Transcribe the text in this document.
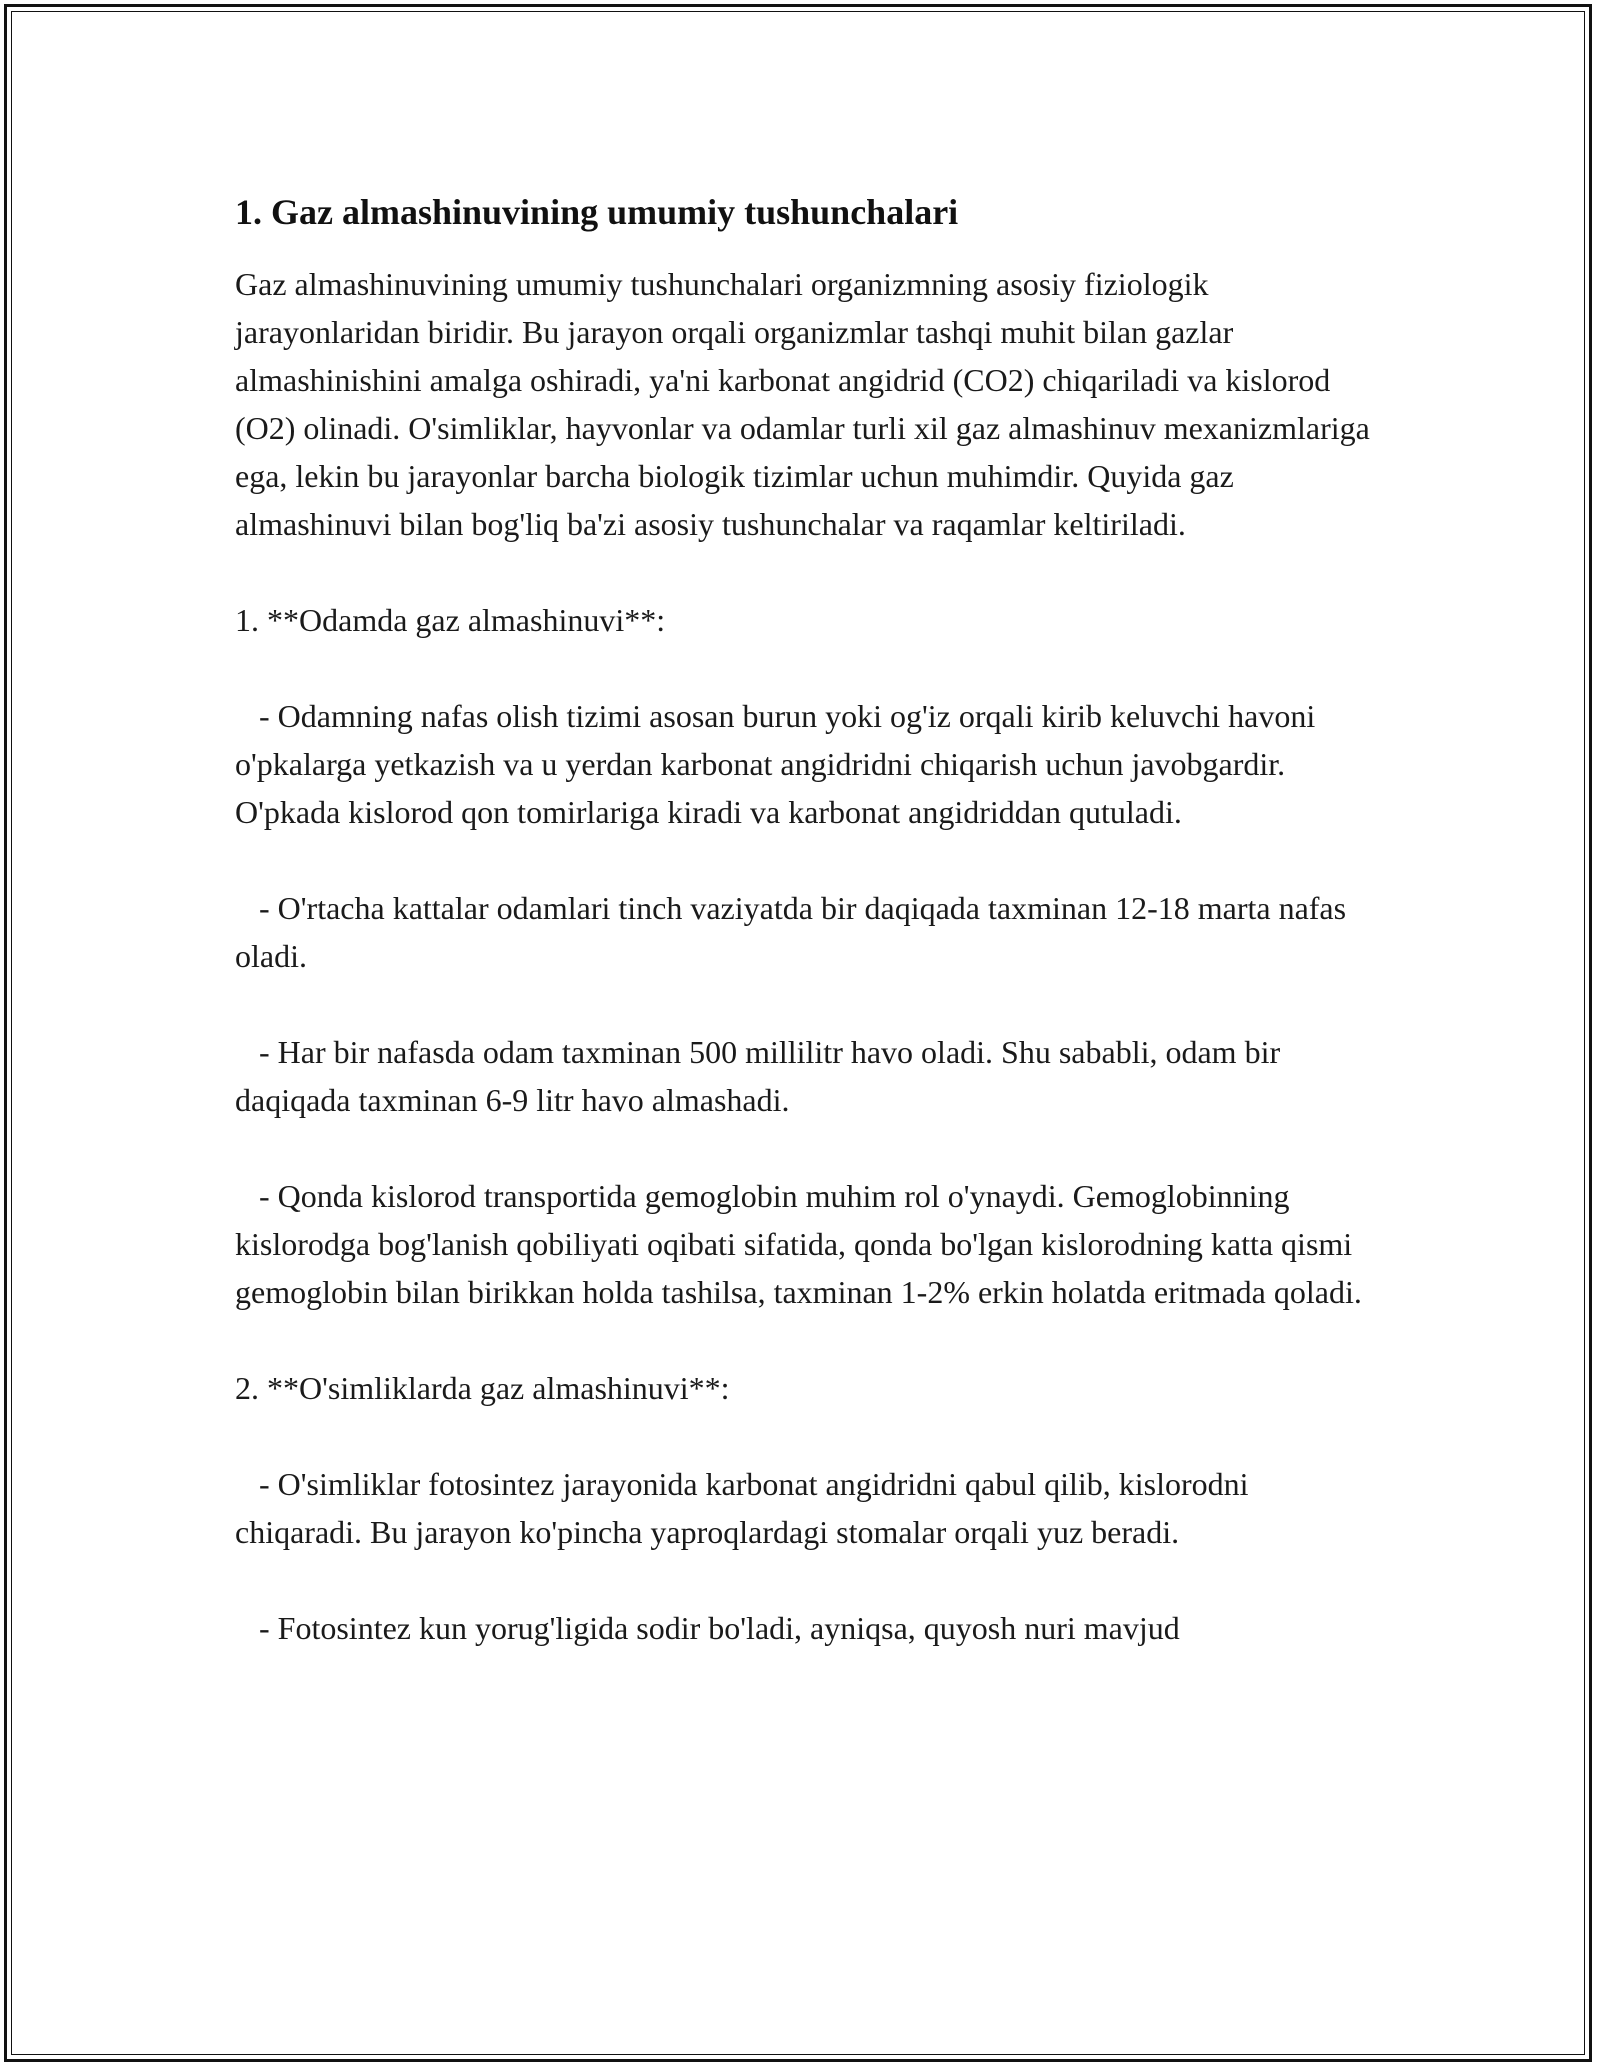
1. Gaz almashinuvining umumiy tushunchalari

Gaz almashinuvining umumiy tushunchalari organizmning asosiy fiziologik jarayonlaridan biridir. Bu jarayon orqali organizmlar tashqi muhit bilan gazlar almashinishini amalga oshiradi, ya'ni karbonat angidrid (CO2) chiqariladi va kislorod (O2) olinadi. O'simliklar, hayvonlar va odamlar turli xil gaz almashinuv mexanizmlariga ega, lekin bu jarayonlar barcha biologik tizimlar uchun muhimdir. Quyida gaz almashinuvi bilan bog'liq ba'zi asosiy tushunchalar va raqamlar keltiriladi.

1. **Odamda gaz almashinuvi**:

- Odamning nafas olish tizimi asosan burun yoki og'iz orqali kirib keluvchi havoni o'pkalarga yetkazish va u yerdan karbonat angidridni chiqarish uchun javobgardir. O'pkada kislorod qon tomirlariga kiradi va karbonat angidriddan qutuladi.

- O'rtacha kattalar odamlari tinch vaziyatda bir daqiqada taxminan 12-18 marta nafas oladi.

- Har bir nafasda odam taxminan 500 millilitr havo oladi. Shu sababli, odam bir daqiqada taxminan 6-9 litr havo almashadi.

- Qonda kislorod transportida gemoglobin muhim rol o'ynaydi. Gemoglobinning kislorodga bog'lanish qobiliyati oqibati sifatida, qonda bo'lgan kislorodning katta qismi gemoglobin bilan birikkan holda tashilsa, taxminan 1-2% erkin holatda eritmada qoladi.

2. **O'simliklarda gaz almashinuvi**:

- O'simliklar fotosintez jarayonida karbonat angidridni qabul qilib, kislorodni chiqaradi. Bu jarayon ko'pincha yaproqlardagi stomalar orqali yuz beradi.

- Fotosintez kun yorug'ligida sodir bo'ladi, ayniqsa, quyosh nuri mavjud
